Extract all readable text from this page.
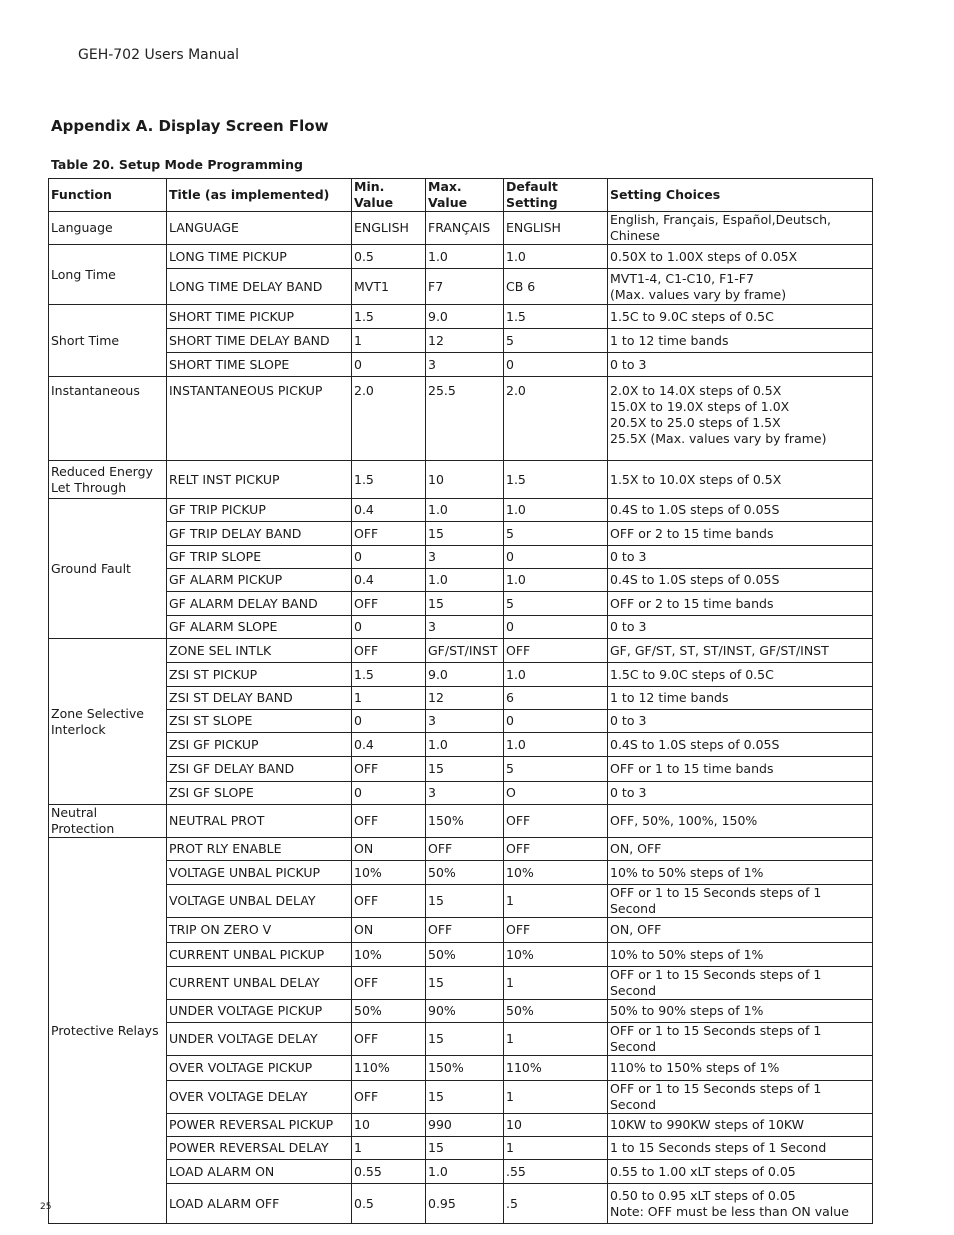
GEH-702 Users Manual
Appendix A. Display Screen Flow
Table 20. Setup Mode Programming
Function	Title (as implemented)	Min. Value	Max. Value	Default Setting	Setting Choices
Language	LANGUAGE	ENGLISH	FRANÇAIS	ENGLISH	English, Français, Español,Deutsch, Chinese
Long Time	LONG TIME PICKUP	0.5	1.0	1.0	0.50X to 1.00X steps of 0.05X
	LONG TIME DELAY BAND	MVT1	F7	CB 6	MVT1-4, C1-C10, F1-F7
(Max. values vary by frame)
Short Time	SHORT TIME PICKUP	1.5	9.0	1.5	1.5C to 9.0C steps of 0.5C
	SHORT TIME DELAY BAND	1	12	5	1 to 12 time bands
	SHORT TIME SLOPE	0	3	0	0 to 3
Instantaneous	INSTANTANEOUS PICKUP	2.0	25.5	2.0	2.0X to 14.0X steps of 0.5X
15.0X to 19.0X steps of 1.0X
20.5X to 25.0 steps of 1.5X
25.5X (Max. values vary by frame)
Reduced Energy
Let Through	RELT INST PICKUP	1.5	10	1.5	1.5X to 10.0X steps of 0.5X
Ground Fault	GF TRIP PICKUP	0.4	1.0	1.0	0.4S to 1.0S steps of 0.05S
	GF TRIP DELAY BAND	OFF	15	5	OFF or 2 to 15 time bands
	GF TRIP SLOPE	0	3	0	0 to 3
	GF ALARM PICKUP	0.4	1.0	1.0	0.4S to 1.0S steps of 0.05S
	GF ALARM DELAY BAND	OFF	15	5	OFF or 2 to 15 time bands
	GF ALARM SLOPE	0	3	0	0 to 3
Zone Selective
Interlock	ZONE SEL INTLK	OFF	GF/ST/INST	OFF	GF, GF/ST, ST, ST/INST, GF/ST/INST
	ZSI ST PICKUP	1.5	9.0	1.0	1.5C to 9.0C steps of 0.5C
	ZSI ST DELAY BAND	1	12	6	1 to 12 time bands
	ZSI ST SLOPE	0	3	0	0 to 3
	ZSI GF PICKUP	0.4	1.0	1.0	0.4S to 1.0S steps of 0.05S
	ZSI GF DELAY BAND	OFF	15	5	OFF or 1 to 15 time bands
	ZSI GF SLOPE	0	3	O	0 to 3
Neutral Protection	NEUTRAL PROT	OFF	150%	OFF	OFF, 50%, 100%, 150%
Protective Relays	PROT RLY ENABLE	ON	OFF	OFF	ON, OFF
	VOLTAGE UNBAL PICKUP	10%	50%	10%	10% to 50% steps of 1%
	VOLTAGE UNBAL DELAY	OFF	15	1	OFF or 1 to 15 Seconds steps of 1 Second
	TRIP ON ZERO V	ON	OFF	OFF	ON, OFF
	CURRENT UNBAL PICKUP	10%	50%	10%	10% to 50% steps of 1%
	CURRENT UNBAL DELAY	OFF	15	1	OFF or 1 to 15 Seconds steps of 1 Second
	UNDER VOLTAGE PICKUP	50%	90%	50%	50% to 90% steps of 1%
	UNDER VOLTAGE DELAY	OFF	15	1	OFF or 1 to 15 Seconds steps of 1 Second
	OVER VOLTAGE PICKUP	110%	150%	110%	110% to 150% steps of 1%
	OVER VOLTAGE DELAY	OFF	15	1	OFF or 1 to 15 Seconds steps of 1 Second
	POWER REVERSAL PICKUP	10	990	10	10KW to 990KW steps of 10KW
	POWER REVERSAL DELAY	1	15	1	1 to 15 Seconds steps of 1 Second
	LOAD ALARM ON	0.55	1.0	.55	0.55 to 1.00 xLT steps of 0.05
	LOAD ALARM OFF	0.5	0.95	.5	0.50 to 0.95 xLT steps of 0.05
Note: OFF must be less than ON value
25
